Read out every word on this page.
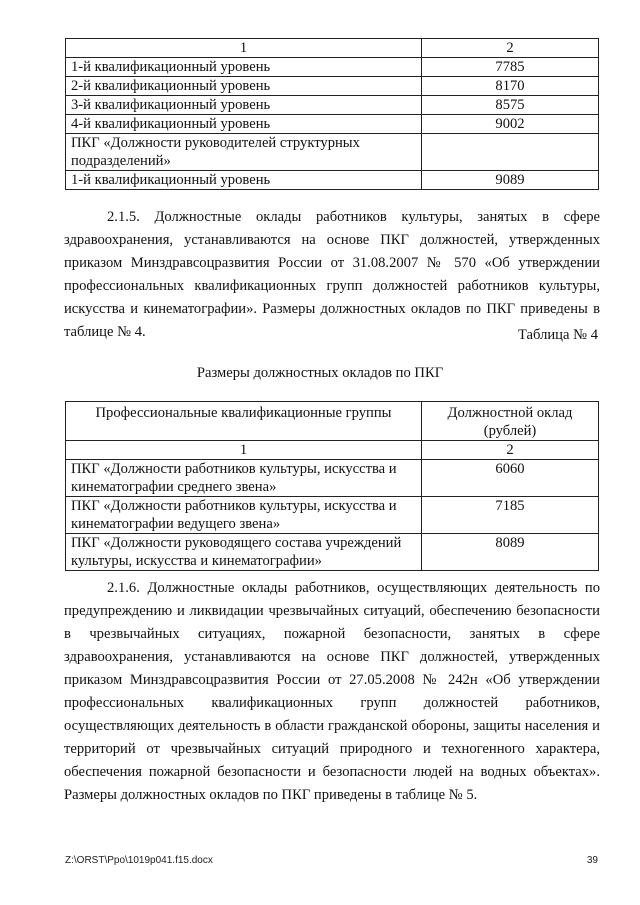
1	2
1-й квалификационный уровень	7785
2-й квалификационный уровень	8170
3-й квалификационный уровень	8575
4-й квалификационный уровень	9002
ПКГ «Должности руководителей структурных подразделений»	
1-й квалификационный уровень	9089

2.1.5. Должностные оклады работников культуры, занятых в сфере здравоохранения, устанавливаются на основе ПКГ должностей, утвержденных приказом Минздравсоцразвития России от 31.08.2007 № 570 «Об утверждении профессиональных квалификационных групп должностей работников культуры, искусства и кинематографии». Размеры должностных окладов по ПКГ приведены в таблице № 4.	Таблица № 4
Размеры должностных окладов по ПКГ
Профессиональные квалификационные группы	Должностной оклад (рублей)
1	2
ПКГ «Должности работников культуры, искусства и кинематографии среднего звена»	6060
ПКГ «Должности работников культуры, искусства и кинематографии ведущего звена»	7185
ПКГ «Должности руководящего состава учреждений культуры, искусства и кинематографии»	8089

2.1.6. Должностные оклады работников, осуществляющих деятельность по предупреждению и ликвидации чрезвычайных ситуаций, обеспечению безопасности в чрезвычайных ситуациях, пожарной безопасности, занятых в сфере здравоохранения, устанавливаются на основе ПКГ должностей, утвержденных приказом Минздравсоцразвития России от 27.05.2008 № 242н «Об утверждении профессиональных квалификационных групп должностей работников, осуществляющих деятельность в области гражданской обороны, защиты населения и территорий от чрезвычайных ситуаций природного и техногенного характера, обеспечения пожарной безопасности и безопасности людей на водных объектах». Размеры должностных окладов по ПКГ приведены в таблице № 5.

Z:\ORST\Ppo\1019p041.f15.docx	39
